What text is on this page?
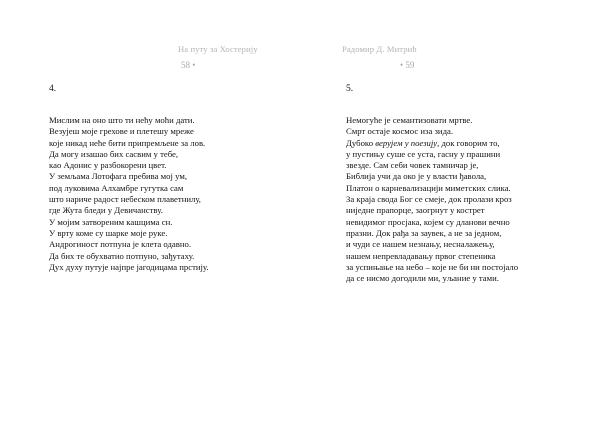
На путу за Хостерију
58 •
4.
Мислим на оно што ти нећу моћи дати.
Везујеш моје грехове и плетешу мреже
које никад неће бити припремљене за лов.
Да могу изашао бих сасвим у тебе,
као Адонис у разбокорени цвет.
У земљама Лотофага пребива мој ум,
под луковима Алхамбре гугутка сам
што нариче радост небеском плаветнилу,
где Жута бледи у Девичанству.
У мојим затвореним кашцима сн.
У врту коме су шарке моје руке.
Андрогиност потпуна је клета одавно.
Да бих те обухватио потпуно, зађутаху.
Дух духу путује најпре јагодицама прстију.
Радомир Д. Митрић
• 59
5.
Немогуће је семантизовати мртве.
Смрт остаје космос иза зида.
Дубоко верујем у поезију, док говорим то,
у пустињу суше се уста, гасну у прашини
звезде. Сам себи човек тамничар је,
Библија учи да око је у власти ђавола,
Платон о карневализацији миметских слика.
За краја свода Бог се смеје, док пролази кроз
ниједне прапорце, заогрнут у кострет
невидимог просјака, којем су дланови вечно
празни. Док рађа за заувек, а не за једном,
и чуди се нашем незнању, несналажењу,
нашем непревладавању првог степеника
за успињање на небо – које не би ни постојало
да се нисмо догодили ми, уљание у тами.
